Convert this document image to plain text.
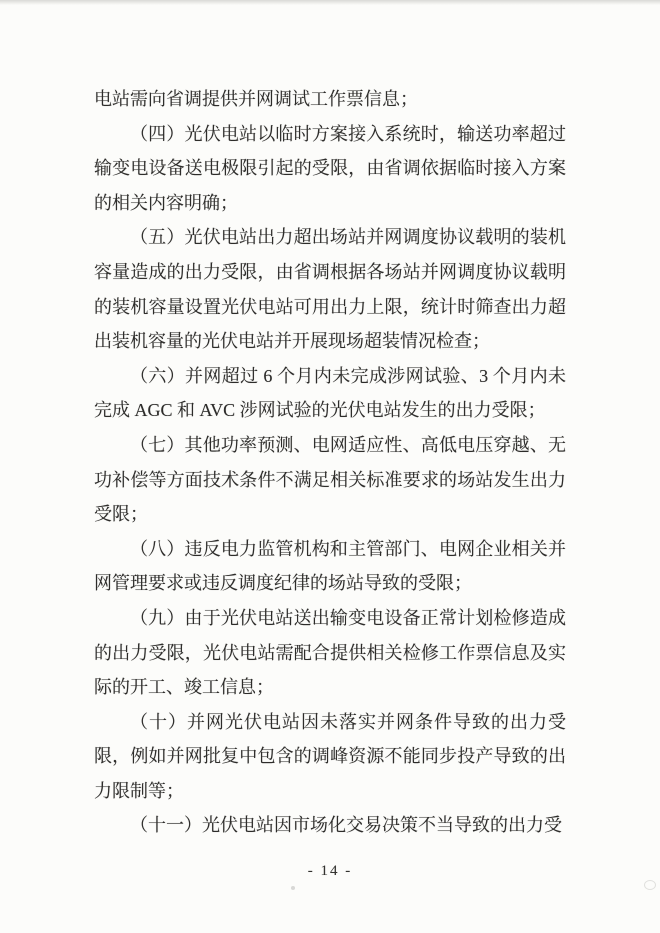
电站需向省调提供并网调试工作票信息；

（四）光伏电站以临时方案接入系统时，输送功率超过输变电设备送电极限引起的受限，由省调依据临时接入方案的相关内容明确；

（五）光伏电站出力超出场站并网调度协议载明的装机容量造成的出力受限，由省调根据各场站并网调度协议载明的装机容量设置光伏电站可用出力上限，统计时筛查出力超出装机容量的光伏电站并开展现场超装情况检查；

（六）并网超过 6 个月内未完成涉网试验、3 个月内未完成 AGC 和 AVC 涉网试验的光伏电站发生的出力受限；

（七）其他功率预测、电网适应性、高低电压穿越、无功补偿等方面技术条件不满足相关标准要求的场站发生出力受限；

（八）违反电力监管机构和主管部门、电网企业相关并网管理要求或违反调度纪律的场站导致的受限；

（九）由于光伏电站送出输变电设备正常计划检修造成的出力受限，光伏电站需配合提供相关检修工作票信息及实际的开工、竣工信息；

（十）并网光伏电站因未落实并网条件导致的出力受限，例如并网批复中包含的调峰资源不能同步投产导致的出力限制等；

（十一）光伏电站因市场化交易决策不当导致的出力受

- 14 -
